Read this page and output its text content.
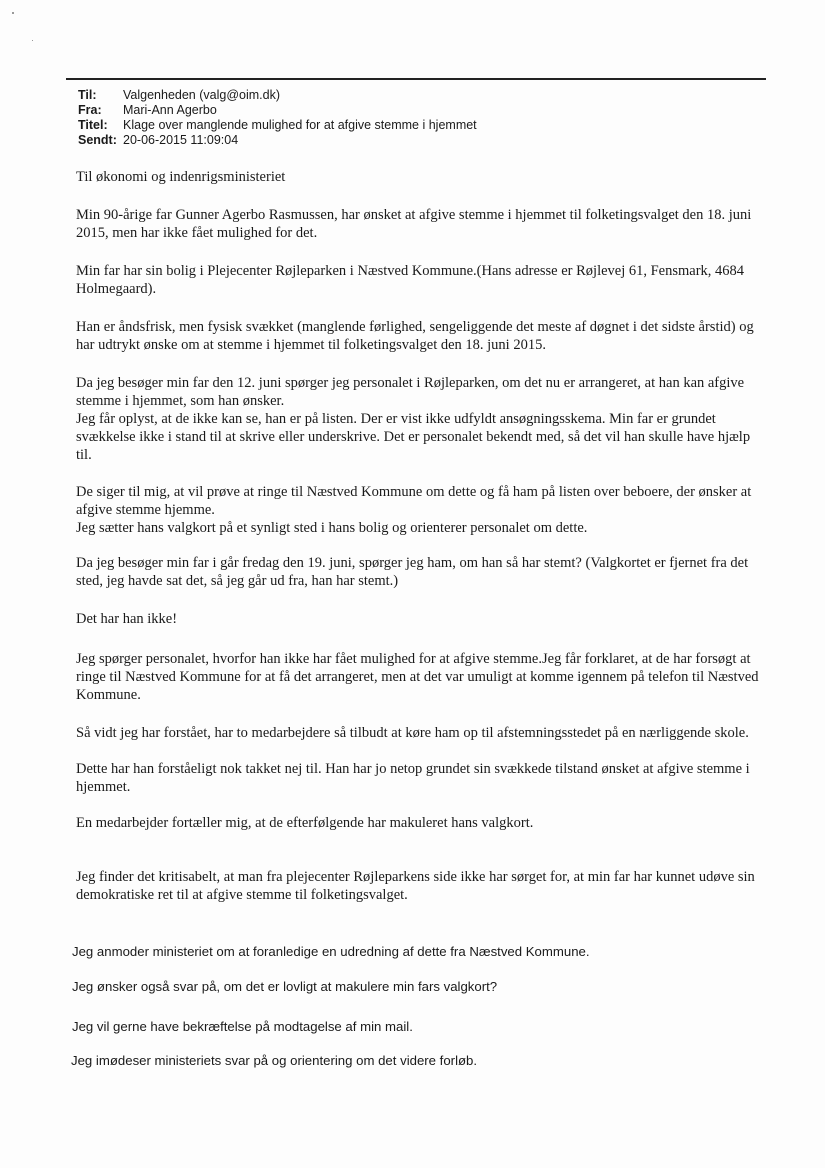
Til:	Valgenheden (valg@oim.dk)
Fra:	Mari-Ann Agerbo
Titel:	Klage over manglende mulighed for at afgive stemme i hjemmet
Sendt: 20-06-2015 11:09:04

Til økonomi og indenrigsministeriet

Min 90-årige far Gunner Agerbo Rasmussen, har ønsket at afgive stemme i hjemmet til folketingsvalget den 18. juni
2015, men har ikke fået mulighed for det.

Min far har sin bolig i Plejecenter Røjleparken i Næstved Kommune.(Hans adresse er Røjlevej 61, Fensmark, 4684
Holmegaard).

Han er åndsfrisk, men fysisk svækket (manglende førlighed, sengeliggende det meste af døgnet i det sidste årstid) og
har udtrykt ønske om at stemme i hjemmet til folketingsvalget den 18. juni 2015.

Da jeg besøger min far den 12. juni spørger jeg personalet i Røjleparken, om det nu er arrangeret, at han kan afgive
stemme i hjemmet, som han ønsker.
Jeg får oplyst, at de ikke kan se, han er på listen. Der er vist ikke udfyldt ansøgningsskema. Min far er grundet
svækkelse ikke i stand til at skrive eller underskrive. Det er personalet bekendt med, så det vil han skulle have hjælp
til.

De siger til mig, at vil prøve at ringe til Næstved Kommune om dette og få ham på listen over beboere, der ønsker at
afgive stemme hjemme.
Jeg sætter hans valgkort på et synligt sted i hans bolig og orienterer personalet om dette.

Da jeg besøger min far i går fredag den 19. juni, spørger jeg ham, om han så har stemt? (Valgkortet er fjernet fra det
sted, jeg havde sat det, så jeg går ud fra, han har stemt.)

Det har han ikke!

Jeg spørger personalet, hvorfor han ikke har fået mulighed for at afgive stemme.Jeg får forklaret, at de har forsøgt at
ringe til Næstved Kommune for at få det arrangeret, men at det var umuligt at komme igennem på telefon til Næstved
Kommune.

Så vidt jeg har forstået, har to medarbejdere så tilbudt at køre ham op til afstemningsstedet på en nærliggende skole.

Dette har han forståeligt nok takket nej til. Han har jo netop grundet sin svækkede tilstand ønsket at afgive stemme i
hjemmet.

En medarbejder fortæller mig, at de efterfølgende har makuleret hans valgkort.

Jeg finder det kritisabelt, at man fra plejecenter Røjleparkens side ikke har sørget for, at min far har kunnet udøve sin
demokratiske ret til at afgive stemme til folketingsvalget.

Jeg anmoder ministeriet om at foranledige en udredning af dette fra Næstved Kommune.

Jeg ønsker også svar på, om det er lovligt at makulere min fars valgkort?

Jeg vil gerne have bekræftelse på modtagelse af min mail.

Jeg imødeser ministeriets svar på og orientering om det videre forløb.
